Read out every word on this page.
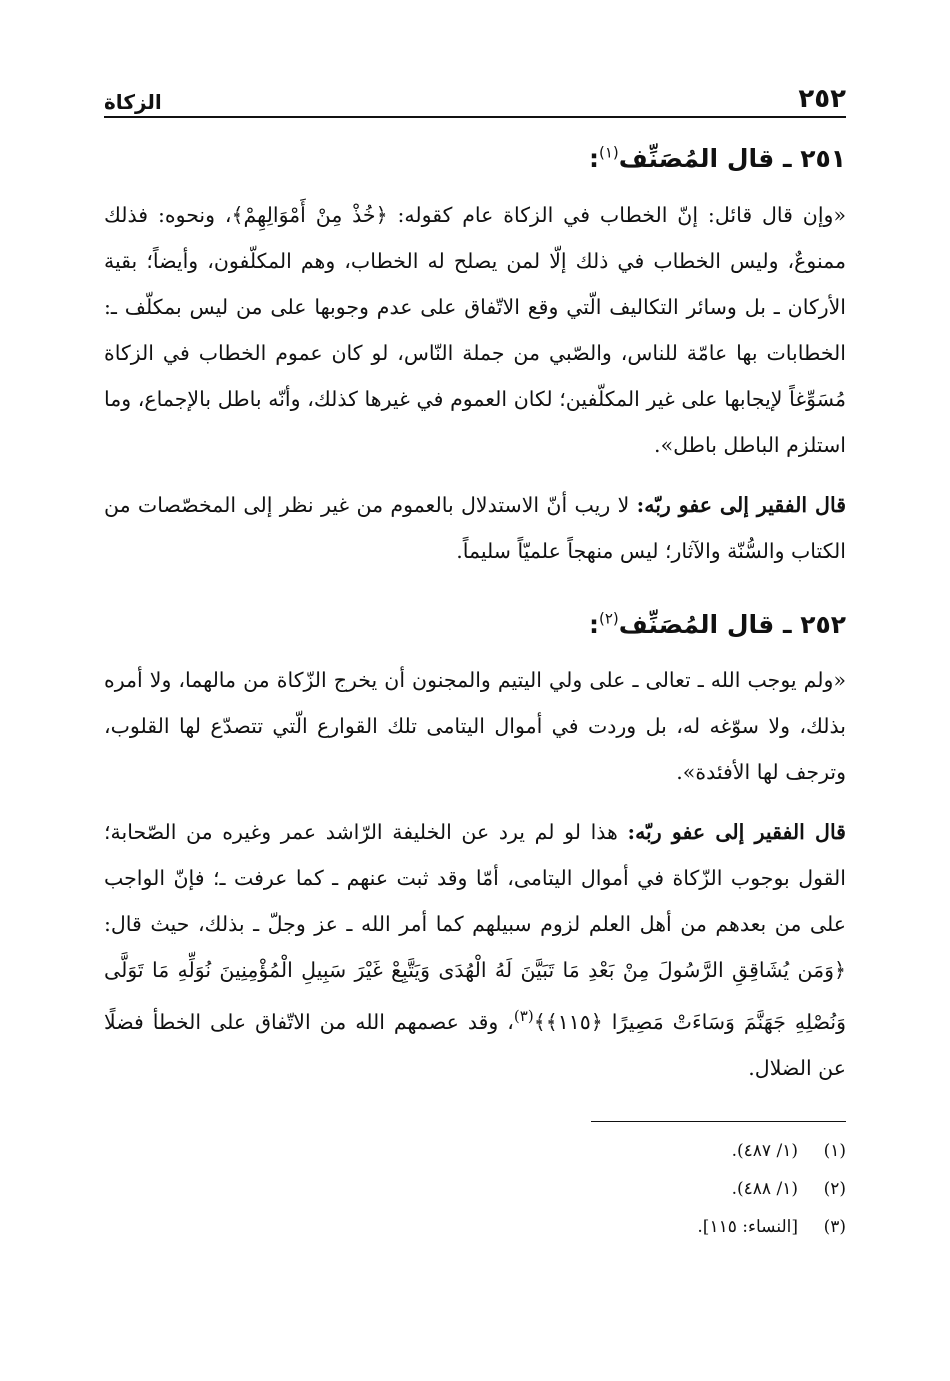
٢٥٢
الزكاة
٢٥١ ـ قال المُصَنِّف$^{(١)}$:

«وإن قال قائل: إنّ الخطاب في الزكاة عام كقوله: ﴿خُذْ مِنْ أَمْوَالِهِمْ﴾، ونحوه: فذلك ممنوعٌ، وليس الخطاب في ذلك إلّا لمن يصلح له الخطاب، وهم المكلّفون، وأيضاً؛ بقية الأركان ـ بل وسائر التكاليف الّتي وقع الاتّفاق على عدم وجوبها على من ليس بمكلّف ـ: الخطابات بها عامّة للناس، والصّبي من جملة النّاس، لو كان عموم الخطاب في الزكاة مُسَوِّغاً لإيجابها على غير المكلّفين؛ لكان العموم في غيرها كذلك، وأنّه باطل بالإجماع، وما استلزم الباطل باطل».

قال الفقير إلى عفو ربّه: لا ريب أنّ الاستدلال بالعموم من غير نظر إلى المخصّصات من الكتاب والسُّنّة والآثار؛ ليس منهجاً علميّاً سليماً.

٢٥٢ ـ قال المُصَنِّف$^{(٢)}$:

«ولم يوجب الله ـ تعالى ـ على ولي اليتيم والمجنون أن يخرج الزّكاة من مالهما، ولا أمره بذلك، ولا سوّغه له، بل وردت في أموال اليتامى تلك القوارع الّتي تتصدّع لها القلوب، وترجف لها الأفئدة».

قال الفقير إلى عفو ربّه: هذا لو لم يرد عن الخليفة الرّاشد عمر وغيره من الصّحابة؛ القول بوجوب الزّكاة في أموال اليتامى، أمّا وقد ثبت عنهم ـ كما عرفت ـ؛ فإنّ الواجب على من بعدهم من أهل العلم لزوم سبيلهم كما أمر الله ـ عز وجلّ ـ بذلك، حيث قال: ﴿وَمَن يُشَاقِقِ الرَّسُولَ مِنْ بَعْدِ مَا تَبَيَّنَ لَهُ الْهُدَى وَيَتَّبِعْ غَيْرَ سَبِيلِ الْمُؤْمِنِينَ نُوَلِّهِ مَا تَوَلَّى وَنُصْلِهِ جَهَنَّمَ وَسَاءَتْ مَصِيرًا ﴿١١٥﴾﴾$^{(٣)}$، وقد عصمهم الله من الاتّفاق على الخطأ فضلًا عن الضلال.

(١)
(١/ ٤٨٧).
(٢)
(١/ ٤٨٨).
(٣)
[النساء: ١١٥].
